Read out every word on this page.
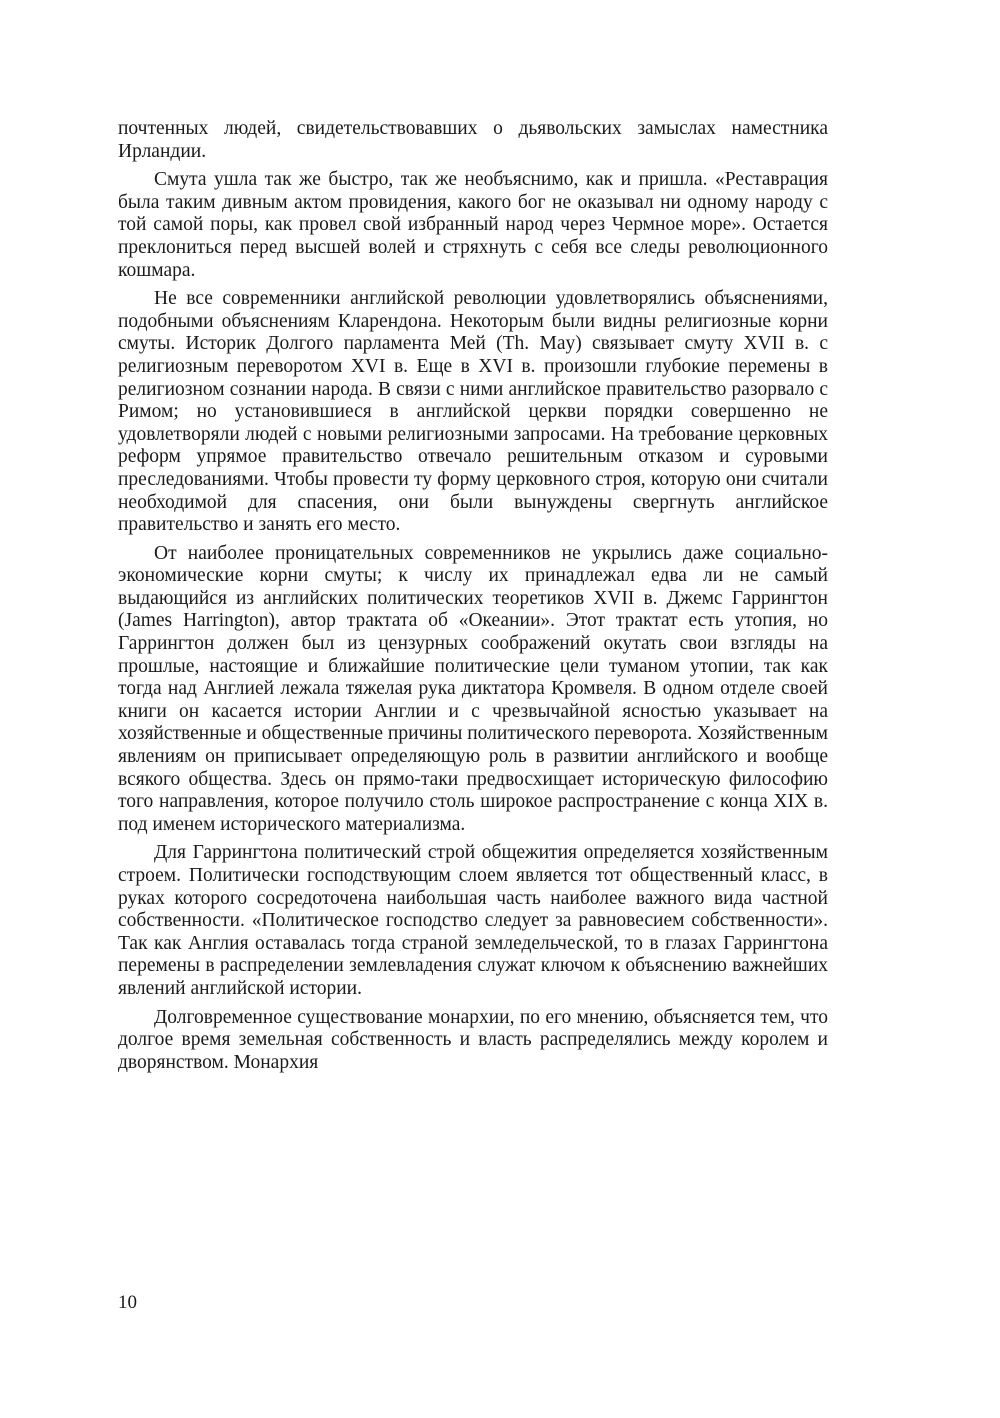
почтенных людей, свидетельствовавших о дьявольских замыслах наместника Ирландии.

Смута ушла так же быстро, так же необъяснимо, как и пришла. «Реставрация была таким дивным актом провидения, какого бог не оказывал ни одному народу с той самой поры, как провел свой избранный народ через Чермное море». Остается преклониться перед высшей волей и стряхнуть с себя все следы революционного кошмара.

Не все современники английской революции удовлетворялись объяснениями, подобными объяснениям Кларендона. Некоторым были видны религиозные корни смуты. Историк Долгого парламента Мей (Th. May) связывает смуту XVII в. с религиозным переворотом XVI в. Еще в XVI в. произошли глубокие перемены в религиозном сознании народа. В связи с ними английское правительство разорвало с Римом; но установившиеся в английской церкви порядки совершенно не удовлетворяли людей с новыми религиозными запросами. На требование церковных реформ упрямое правительство отвечало решительным отказом и суровыми преследованиями. Чтобы провести ту форму церковного строя, которую они считали необходимой для спасения, они были вынуждены свергнуть английское правительство и занять его место.

От наиболее проницательных современников не укрылись даже социально-экономические корни смуты; к числу их принадлежал едва ли не самый выдающийся из английских политических теоретиков XVII в. Джемс Гаррингтон (James Harrington), автор трактата об «Океании». Этот трактат есть утопия, но Гаррингтон должен был из цензурных соображений окутать свои взгляды на прошлые, настоящие и ближайшие политические цели туманом утопии, так как тогда над Англией лежала тяжелая рука диктатора Кромвеля. В одном отделе своей книги он касается истории Англии и с чрезвычайной ясностью указывает на хозяйственные и общественные причины политического переворота. Хозяйственным явлениям он приписывает определяющую роль в развитии английского и вообще всякого общества. Здесь он прямо-таки предвосхищает историческую философию того направления, которое получило столь широкое распространение с конца XIX в. под именем исторического материализма.

Для Гаррингтона политический строй общежития определяется хозяйственным строем. Политически господствующим слоем является тот общественный класс, в руках которого сосредоточена наибольшая часть наиболее важного вида частной собственности. «Политическое господство следует за равновесием собственности». Так как Англия оставалась тогда страной земледельческой, то в глазах Гаррингтона перемены в распределении землевладения служат ключом к объяснению важнейших явлений английской истории.

Долговременное существование монархии, по его мнению, объясняется тем, что долгое время земельная собственность и власть распределялись между королем и дворянством. Монархия

10
